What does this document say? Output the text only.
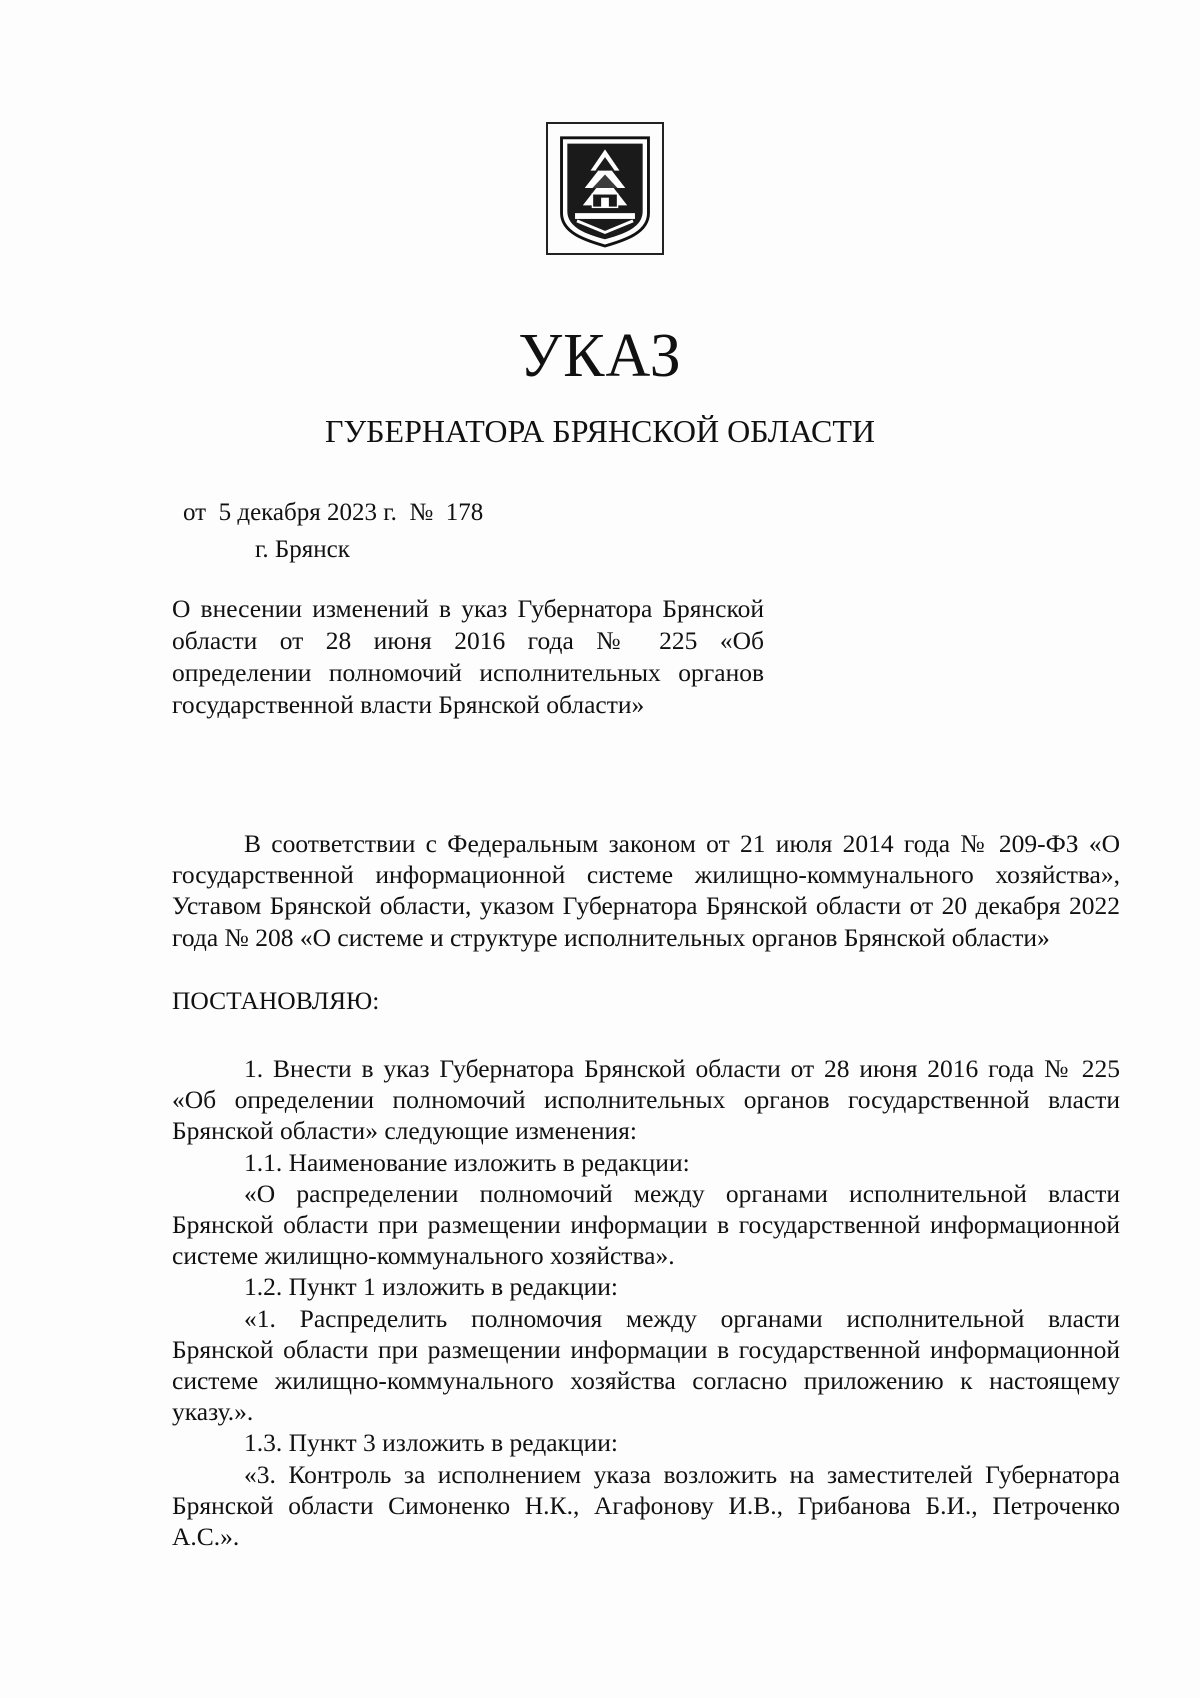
УКАЗ
ГУБЕРНАТОРА БРЯНСКОЙ ОБЛАСТИ
от  5 декабря 2023 г.  №  178
г. Брянск
О внесении изменений в указ Губернатора Брянской области от 28 июня 2016 года № 225 «Об определении полномочий исполнительных органов государственной власти Брянской области»

В соответствии с Федеральным законом от 21 июля 2014 года № 209-ФЗ «О государственной информационной системе жилищно-коммунального хозяйства», Уставом Брянской области, указом Губернатора Брянской области от 20 декабря 2022 года № 208 «О системе и структуре исполнительных органов Брянской области»

ПОСТАНОВЛЯЮ:

1. Внести в указ Губернатора Брянской области от 28 июня 2016 года № 225 «Об определении полномочий исполнительных органов государственной власти Брянской области» следующие изменения:

1.1. Наименование изложить в редакции:

«О распределении полномочий между органами исполнительной власти Брянской области при размещении информации в государственной информационной системе жилищно-коммунального хозяйства».

1.2. Пункт 1 изложить в редакции:

«1. Распределить полномочия между органами исполнительной власти Брянской области при размещении информации в государственной информационной системе жилищно-коммунального хозяйства согласно приложению к настоящему указу.».

1.3. Пункт 3 изложить в редакции:

«3. Контроль за исполнением указа возложить на заместителей Губернатора Брянской области Симоненко Н.К., Агафонову И.В., Грибанова Б.И., Петроченко А.С.».
